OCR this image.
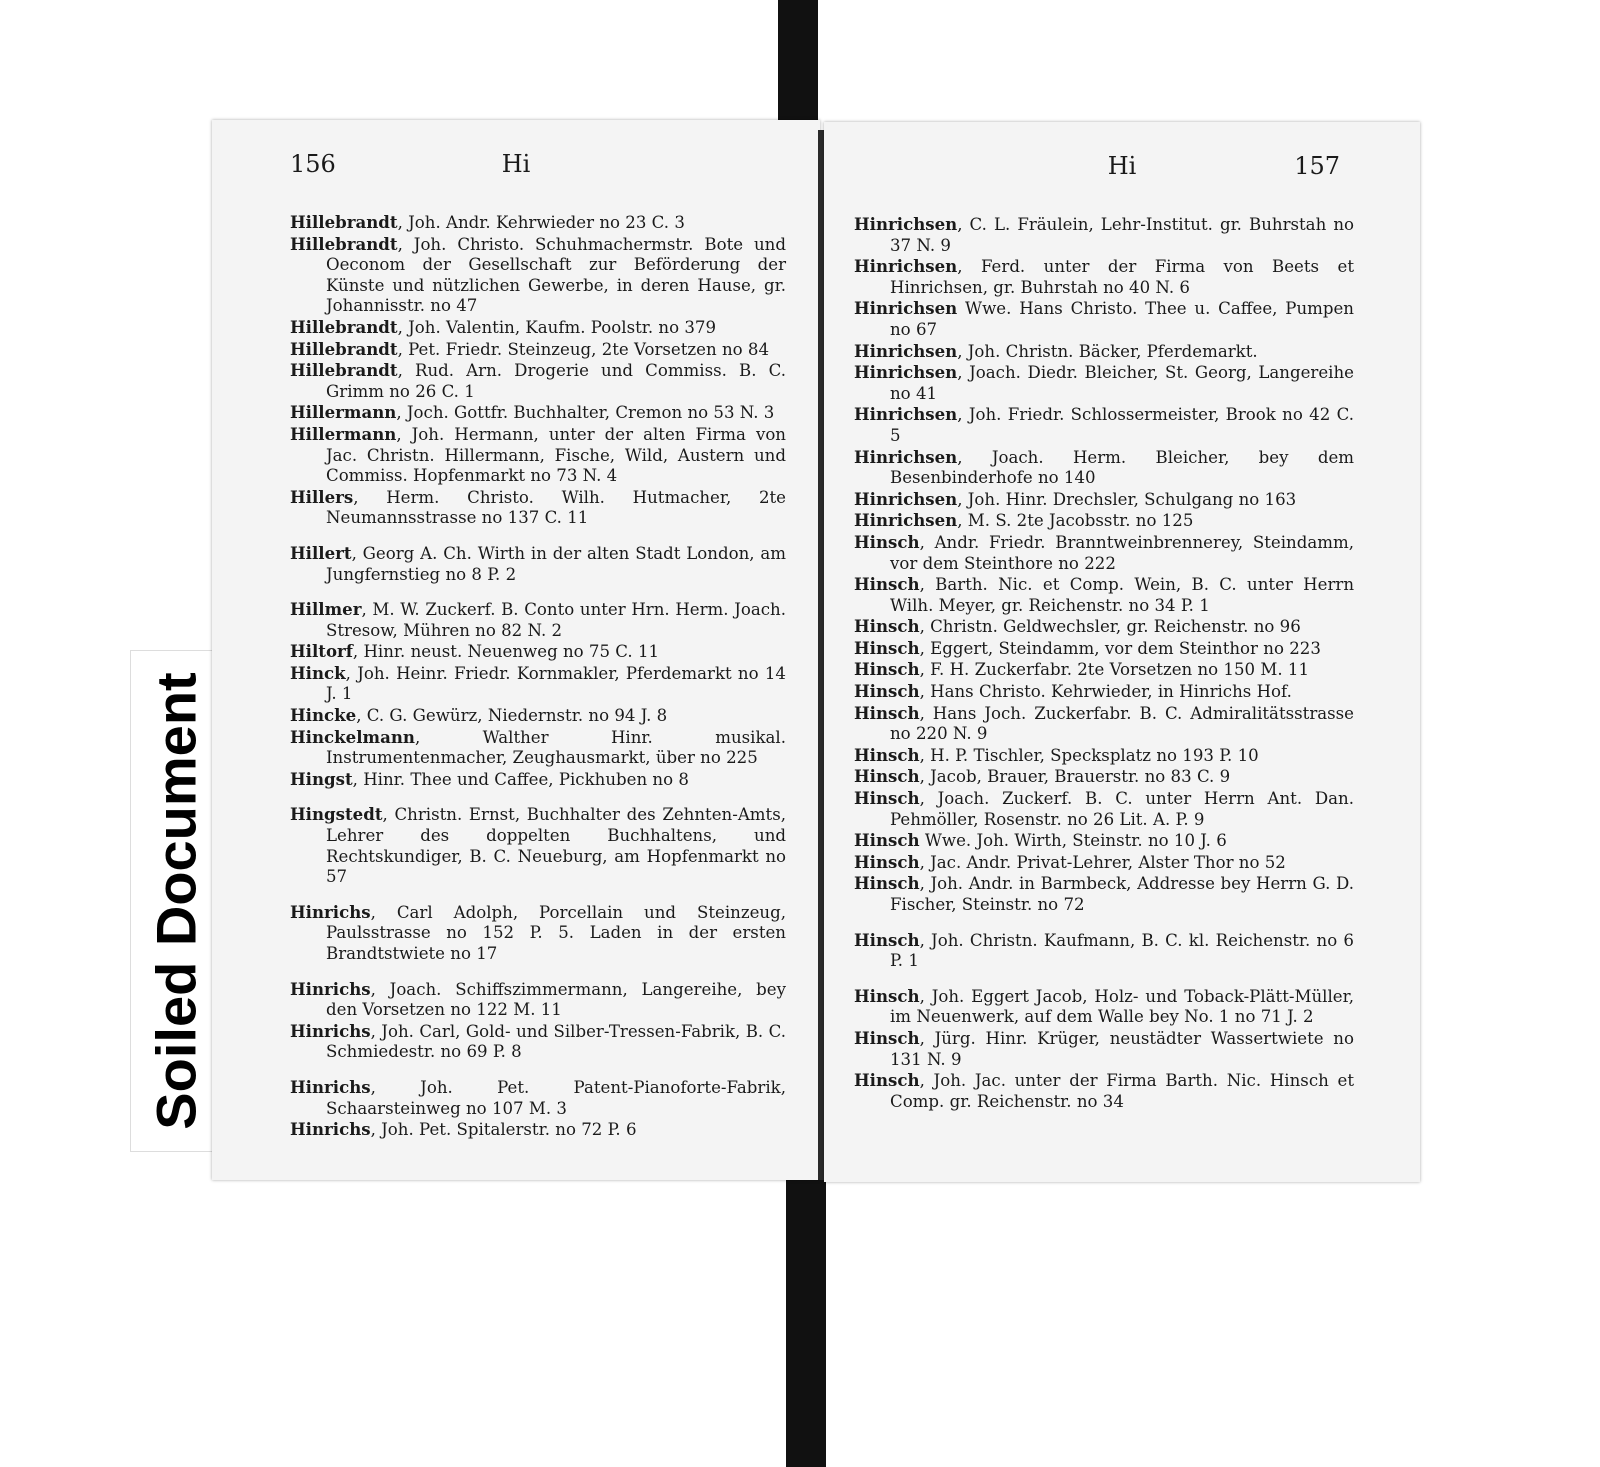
Soiled Document
156	Hi

Hillebrandt, Joh. Andr. Kehrwieder no 23 C. 3

Hillebrandt, Joh. Christo. Schuhmachermstr. Bote und Oeconom der Gesellschaft zur Beförderung der Künste und nützlichen Gewerbe, in deren Hause, gr. Johannisstr. no 47

Hillebrandt, Joh. Valentin, Kaufm. Poolstr. no 379

Hillebrandt, Pet. Friedr. Steinzeug, 2te Vorsetzen no 84

Hillebrandt, Rud. Arn. Drogerie und Commiss. B. C. Grimm no 26 C. 1

Hillermann, Joch. Gottfr. Buchhalter, Cremon no 53 N. 3

Hillermann, Joh. Hermann, unter der alten Firma von Jac. Christn. Hillermann, Fische, Wild, Austern und Commiss. Hopfenmarkt no 73 N. 4

Hillers, Herm. Christo. Wilh. Hutmacher, 2te Neumannsstrasse no 137 C. 11

Hillert, Georg A. Ch. Wirth in der alten Stadt London, am Jungfernstieg no 8 P. 2

Hillmer, M. W. Zuckerf. B. Conto unter Hrn. Herm. Joach. Stresow, Mühren no 82 N. 2

Hiltorf, Hinr. neust. Neuenweg no 75 C. 11

Hinck, Joh. Heinr. Friedr. Kornmakler, Pferdemarkt no 14 J. 1

Hincke, C. G. Gewürz, Niedernstr. no 94 J. 8

Hinckelmann, Walther Hinr. musikal. Instrumentenmacher, Zeughausmarkt, über no 225

Hingst, Hinr. Thee und Caffee, Pickhuben no 8

Hingstedt, Christn. Ernst, Buchhalter des Zehnten-Amts, Lehrer des doppelten Buchhaltens, und Rechtskundiger, B. C. Neueburg, am Hopfenmarkt no 57

Hinrichs, Carl Adolph, Porcellain und Steinzeug, Paulsstrasse no 152 P. 5. Laden in der ersten Brandtstwiete no 17

Hinrichs, Joach. Schiffszimmermann, Langereihe, bey den Vorsetzen no 122 M. 11

Hinrichs, Joh. Carl, Gold- und Silber-Tressen-Fabrik, B. C. Schmiedestr. no 69 P. 8

Hinrichs, Joh. Pet. Patent-Pianoforte-Fabrik, Schaarsteinweg no 107 M. 3

Hinrichs, Joh. Pet. Spitalerstr. no 72 P. 6

Hi	157

Hinrichsen, C. L. Fräulein, Lehr-Institut. gr. Buhrstah no 37 N. 9

Hinrichsen, Ferd. unter der Firma von Beets et Hinrichsen, gr. Buhrstah no 40 N. 6

Hinrichsen Wwe. Hans Christo. Thee u. Caffee, Pumpen no 67

Hinrichsen, Joh. Christn. Bäcker, Pferdemarkt.

Hinrichsen, Joach. Diedr. Bleicher, St. Georg, Langereihe no 41

Hinrichsen, Joh. Friedr. Schlossermeister, Brook no 42 C. 5

Hinrichsen, Joach. Herm. Bleicher, bey dem Besenbinderhofe no 140

Hinrichsen, Joh. Hinr. Drechsler, Schulgang no 163

Hinrichsen, M. S. 2te Jacobsstr. no 125

Hinsch, Andr. Friedr. Branntweinbrennerey, Steindamm, vor dem Steinthore no 222

Hinsch, Barth. Nic. et Comp. Wein, B. C. unter Herrn Wilh. Meyer, gr. Reichenstr. no 34 P. 1

Hinsch, Christn. Geldwechsler, gr. Reichenstr. no 96

Hinsch, Eggert, Steindamm, vor dem Steinthor no 223

Hinsch, F. H. Zuckerfabr. 2te Vorsetzen no 150 M. 11

Hinsch, Hans Christo. Kehrwieder, in Hinrichs Hof.

Hinsch, Hans Joch. Zuckerfabr. B. C. Admiralitätsstrasse no 220 N. 9

Hinsch, H. P. Tischler, Specksplatz no 193 P. 10

Hinsch, Jacob, Brauer, Brauerstr. no 83 C. 9

Hinsch, Joach. Zuckerf. B. C. unter Herrn Ant. Dan. Pehmöller, Rosenstr. no 26 Lit. A. P. 9

Hinsch Wwe. Joh. Wirth, Steinstr. no 10 J. 6

Hinsch, Jac. Andr. Privat-Lehrer, Alster Thor no 52

Hinsch, Joh. Andr. in Barmbeck, Addresse bey Herrn G. D. Fischer, Steinstr. no 72

Hinsch, Joh. Christn. Kaufmann, B. C. kl. Reichenstr. no 6 P. 1

Hinsch, Joh. Eggert Jacob, Holz- und Toback-Plätt-Müller, im Neuenwerk, auf dem Walle bey No. 1 no 71 J. 2

Hinsch, Jürg. Hinr. Krüger, neustädter Wassertwiete no 131 N. 9

Hinsch, Joh. Jac. unter der Firma Barth. Nic. Hinsch et Comp. gr. Reichenstr. no 34
